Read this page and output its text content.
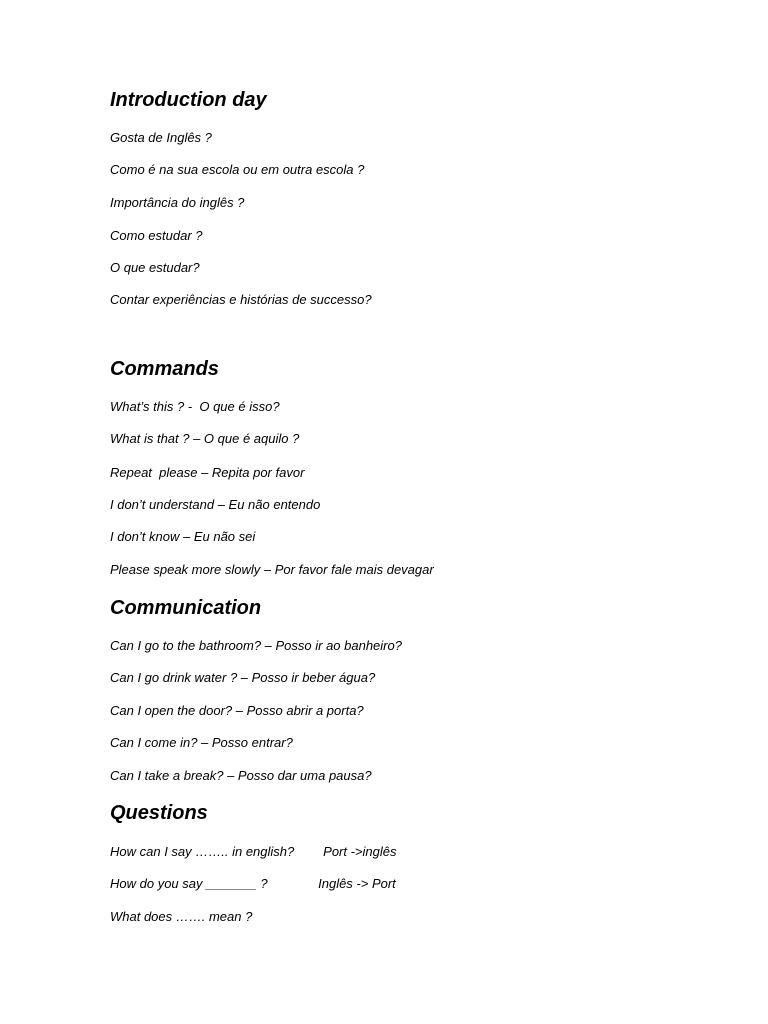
Introduction day

Gosta de Inglês ?

Como é na sua escola ou em outra escola ?

Importância do inglês ?

Como estudar ?

O que estudar?

Contar experiências e histórias de successo?

Commands

What’s this ? -  O que é isso?

What is that ? – O que é aquilo ?

Repeat  please – Repita por favor

I don’t understand – Eu não entendo

I don’t know – Eu não sei

Please speak more slowly – Por favor fale mais devagar

Communication

Can I go to the bathroom? – Posso ir ao banheiro?

Can I go drink water ? – Posso ir beber água?

Can I open the door? – Posso abrir a porta?

Can I come in? – Posso entrar?

Can I take a break? – Posso dar uma pausa?

Questions

How can I say …….. in english?        Port ->inglês

How do you say _______ ?              Inglês -> Port

What does ……. mean ?
